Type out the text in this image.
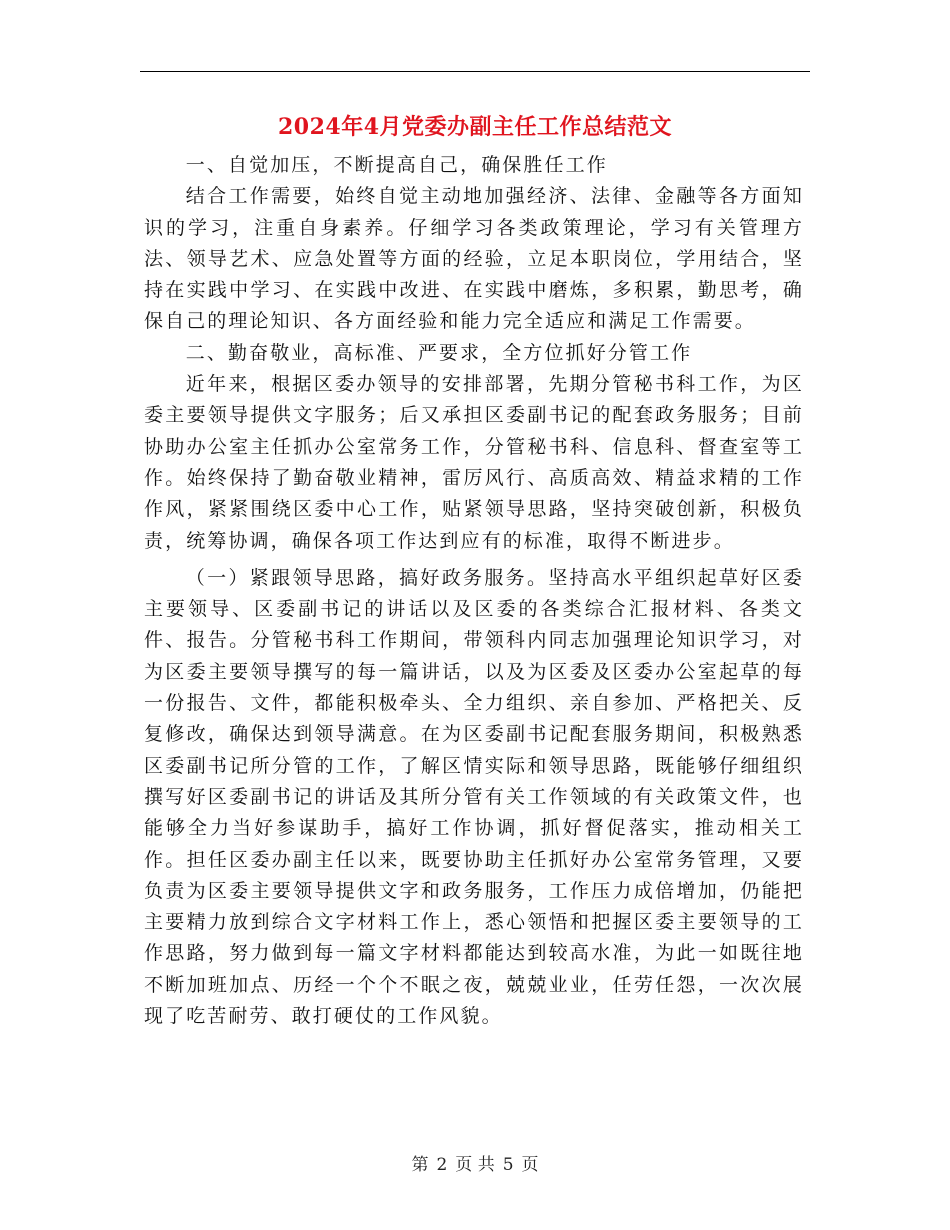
2024年4月党委办副主任工作总结范文

一、自觉加压，不断提高自己，确保胜任工作

结合工作需要，始终自觉主动地加强经济、法律、金融等各方面知识的学习，注重自身素养。仔细学习各类政策理论，学习有关管理方法、领导艺术、应急处置等方面的经验，立足本职岗位，学用结合，坚持在实践中学习、在实践中改进、在实践中磨炼，多积累，勤思考，确保自己的理论知识、各方面经验和能力完全适应和满足工作需要。

二、勤奋敬业，高标准、严要求，全方位抓好分管工作

近年来，根据区委办领导的安排部署，先期分管秘书科工作，为区委主要领导提供文字服务；后又承担区委副书记的配套政务服务；目前协助办公室主任抓办公室常务工作，分管秘书科、信息科、督查室等工作。始终保持了勤奋敬业精神，雷厉风行、高质高效、精益求精的工作作风，紧紧围绕区委中心工作，贴紧领导思路，坚持突破创新，积极负责，统筹协调，确保各项工作达到应有的标准，取得不断进步。

（一）紧跟领导思路，搞好政务服务。坚持高水平组织起草好区委主要领导、区委副书记的讲话以及区委的各类综合汇报材料、各类文件、报告。分管秘书科工作期间，带领科内同志加强理论知识学习，对为区委主要领导撰写的每一篇讲话，以及为区委及区委办公室起草的每一份报告、文件，都能积极牵头、全力组织、亲自参加、严格把关、反复修改，确保达到领导满意。在为区委副书记配套服务期间，积极熟悉区委副书记所分管的工作，了解区情实际和领导思路，既能够仔细组织撰写好区委副书记的讲话及其所分管有关工作领域的有关政策文件，也能够全力当好参谋助手，搞好工作协调，抓好督促落实，推动相关工作。担任区委办副主任以来，既要协助主任抓好办公室常务管理，又要负责为区委主要领导提供文字和政务服务，工作压力成倍增加，仍能把主要精力放到综合文字材料工作上，悉心领悟和把握区委主要领导的工作思路，努力做到每一篇文字材料都能达到较高水准，为此一如既往地不断加班加点、历经一个个不眠之夜，兢兢业业，任劳任怨，一次次展现了吃苦耐劳、敢打硬仗的工作风貌。

第 2 页 共 5 页
